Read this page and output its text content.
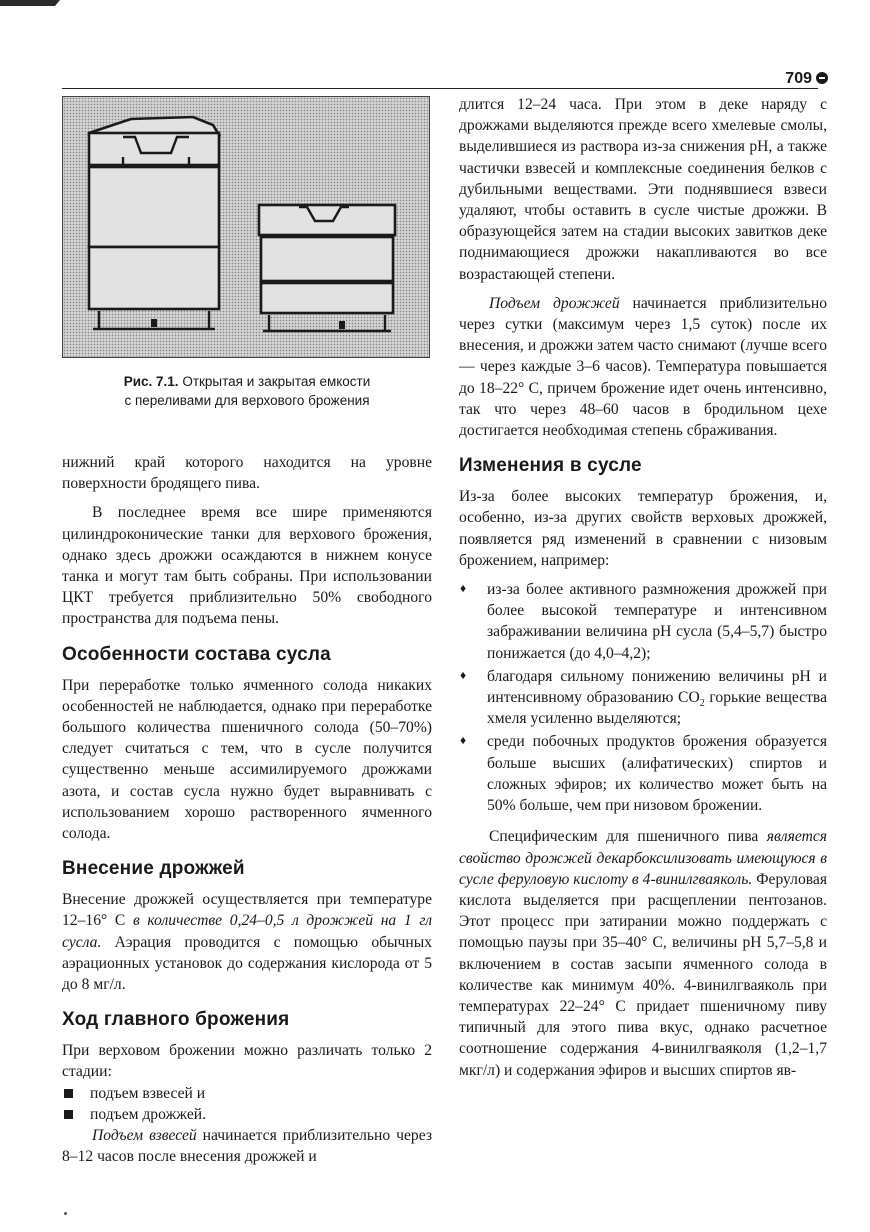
709
Рис. 7.1. Открытая и закрытая емкости
с переливами для верхового брожения

нижний край которого находится на уровне поверхности бродящего пива.

В последнее время все шире применяются цилиндроконические танки для верхового брожения, однако здесь дрожжи осаждаются в нижнем конусе танка и могут там быть собраны. При использовании ЦКТ требуется приблизительно 50% свободного пространства для подъема пены.

Особенности состава сусла

При переработке только ячменного солода никаких особенностей не наблюдается, однако при переработке большого количества пшеничного солода (50–70%) следует считаться с тем, что в сусле получится существенно меньше ассимилируемого дрожжами азота, и состав сусла нужно будет выравнивать с использованием хорошо растворенного ячменного солода.

Внесение дрожжей

Внесение дрожжей осуществляется при температуре 12–16° С в количестве 0,24–0,5 л дрожжей на 1 гл сусла. Аэрация проводится с помощью обычных аэрационных установок до содержания кислорода от 5 до 8 мг/л.

Ход главного брожения

При верховом брожении можно различать только 2 стадии:

подъем взвесей и
подъем дрожжей.

Подъем взвесей начинается приблизительно через 8–12 часов после внесения дрожжей и

длится 12–24 часа. При этом в деке наряду с дрожжами выделяются прежде всего хмелевые смолы, выделившиеся из раствора из-за снижения pH, а также частички взвесей и комплексные соединения белков с дубильными веществами. Эти поднявшиеся взвеси удаляют, чтобы оставить в сусле чистые дрожжи. В образующейся затем на стадии высоких завитков деке поднимающиеся дрожжи накапливаются во все возрастающей степени.

Подъем дрожжей начинается приблизительно через сутки (максимум через 1,5 суток) после их внесения, и дрожжи затем часто снимают (лучше всего — через каждые 3–6 часов). Температура повышается до 18–22° С, причем брожение идет очень интенсивно, так что через 48–60 часов в бродильном цехе достигается необходимая степень сбраживания.

Изменения в сусле

Из-за более высоких температур брожения, и, особенно, из-за других свойств верховых дрожжей, появляется ряд изменений в сравнении с низовым брожением, например:

♦ из-за более активного размножения дрожжей при более высокой температуре и интенсивном забраживании величина pH сусла (5,4–5,7) быстро понижается (до 4,0–4,2);
♦ благодаря сильному понижению величины pH и интенсивному образованию $CO_2$ горькие вещества хмеля усиленно выделяются;
♦ среди побочных продуктов брожения образуется больше высших (алифатических) спиртов и сложных эфиров; их количество может быть на 50% больше, чем при низовом брожении.

Специфическим для пшеничного пива является свойство дрожжей декарбоксилизовать имеющуюся в сусле феруловую кислоту в 4-винилгваяколь. Феруловая кислота выделяется при расщеплении пентозанов. Этот процесс при затирании можно поддержать с помощью паузы при 35–40° С, величины pH 5,7–5,8 и включением в состав засыпи ячменного солода в количестве как минимум 40%. 4-винилгваяколь при температурах 22–24° С придает пшеничному пиву типичный для этого пива вкус, однако расчетное соотношение содержания 4-винилгваяколя (1,2–1,7 мкг/л) и содержания эфиров и высших спиртов яв-
